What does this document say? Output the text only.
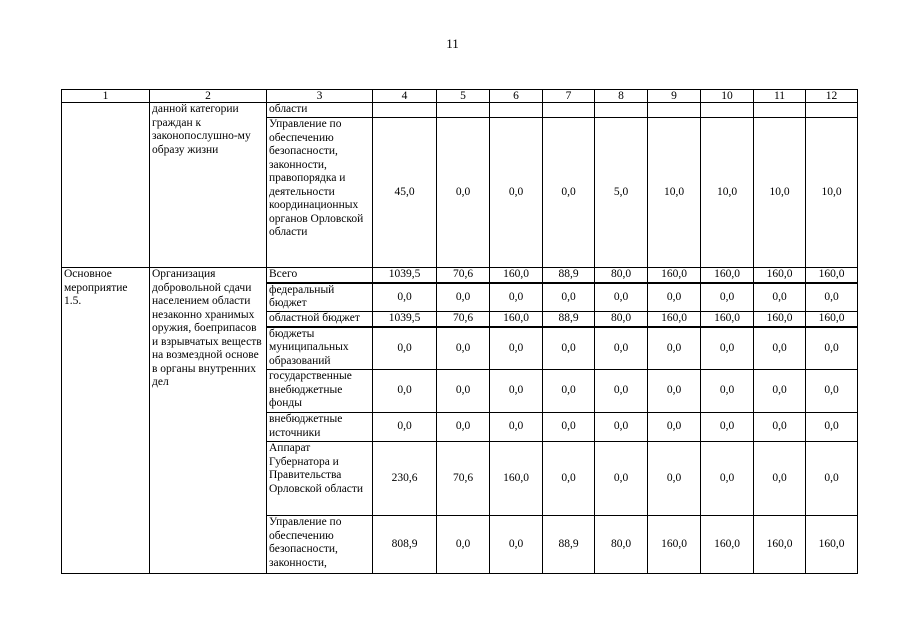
11
1	2	3	4	5	6	7	8	9	10	11	12
	данной категории граждан к законопослушно-му образу жизни	области									
		Управление по обеспечению безопасности, законности, правопорядка и деятельности координационных органов Орловской области	45,0	0,0	0,0	0,0	5,0	10,0	10,0	10,0	10,0
Основное мероприятие 1.5.	Организация добровольной сдачи населением области незаконно хранимых оружия, боеприпасов и взрывчатых веществ на возмездной основе в органы внутренних дел	Всего	1039,5	70,6	160,0	88,9	80,0	160,0	160,0	160,0	160,0
		федеральный бюджет	0,0	0,0	0,0	0,0	0,0	0,0	0,0	0,0	0,0
		областной бюджет	1039,5	70,6	160,0	88,9	80,0	160,0	160,0	160,0	160,0
		бюджеты муниципальных образований	0,0	0,0	0,0	0,0	0,0	0,0	0,0	0,0	0,0
		государственные внебюджетные фонды	0,0	0,0	0,0	0,0	0,0	0,0	0,0	0,0	0,0
		внебюджетные источники	0,0	0,0	0,0	0,0	0,0	0,0	0,0	0,0	0,0
		Аппарат Губернатора и Правительства Орловской области	230,6	70,6	160,0	0,0	0,0	0,0	0,0	0,0	0,0
		Управление по обеспечению безопасности, законности,	808,9	0,0	0,0	88,9	80,0	160,0	160,0	160,0	160,0
